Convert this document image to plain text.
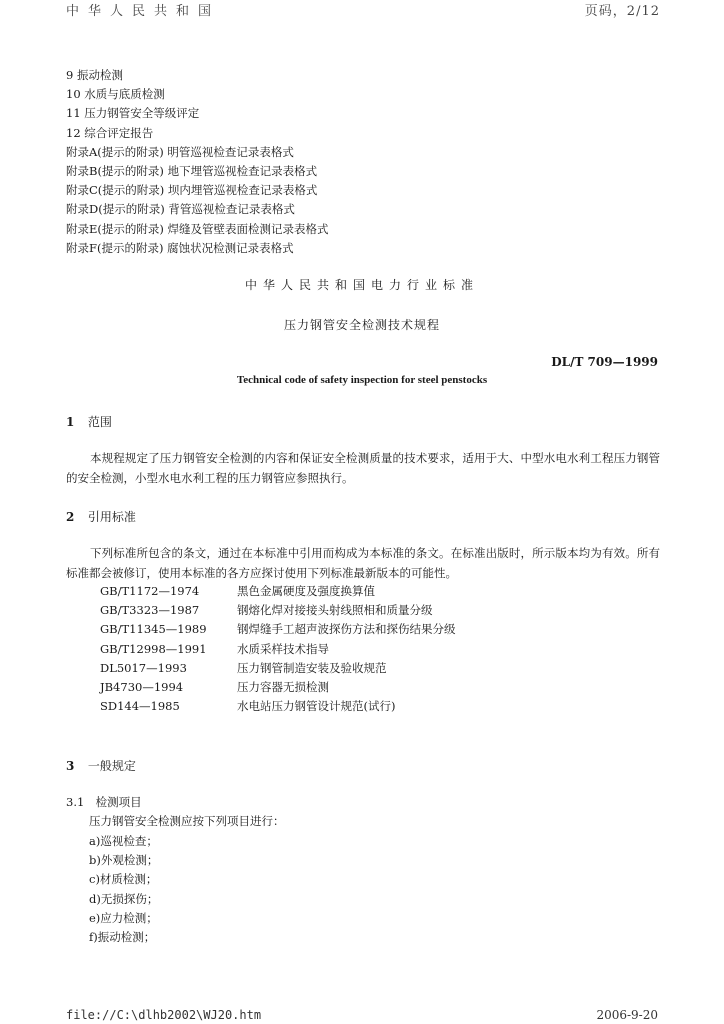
中华人民共和国	页码，2/12
9 振动检测
10 水质与底质检测
11 压力钢管安全等级评定
12 综合评定报告
附录A(提示的附录) 明管巡视检查记录表格式
附录B(提示的附录) 地下埋管巡视检查记录表格式
附录C(提示的附录) 坝内埋管巡视检查记录表格式
附录D(提示的附录) 背管巡视检查记录表格式
附录E(提示的附录) 焊缝及管壁表面检测记录表格式
附录F(提示的附录) 腐蚀状况检测记录表格式
中华人民共和国电力行业标准
压力钢管安全检测技术规程
DL/T 709—1999
Technical code of safety inspection for steel penstocks
1 范围
本规程规定了压力钢管安全检测的内容和保证安全检测质量的技术要求，适用于大、中型水电水利工程压力钢管的安全检测，小型水电水利工程的压力钢管应参照执行。
2 引用标准
下列标准所包含的条文，通过在本标准中引用而构成为本标准的条文。在标准出版时，所示版本均为有效。所有标准都会被修订，使用本标准的各方应探讨使用下列标准最新版本的可能性。
GB/T1172—1974	黑色金属硬度及强度换算值
GB/T3323—1987	钢熔化焊对接接头射线照相和质量分级
GB/T11345—1989	钢焊缝手工超声波探伤方法和探伤结果分级
GB/T12998—1991	水质采样技术指导
DL5017—1993	压力钢管制造安装及验收规范
JB4730—1994	压力容器无损检测
SD144—1985	水电站压力钢管设计规范(试行)
3 一般规定
3.1 检测项目
压力钢管安全检测应按下列项目进行：
a)巡视检查；
b)外观检测；
c)材质检测；
d)无损探伤；
e)应力检测；
f)振动检测；
file://C:\dlhb2002\WJ20.htm	2006-9-20
